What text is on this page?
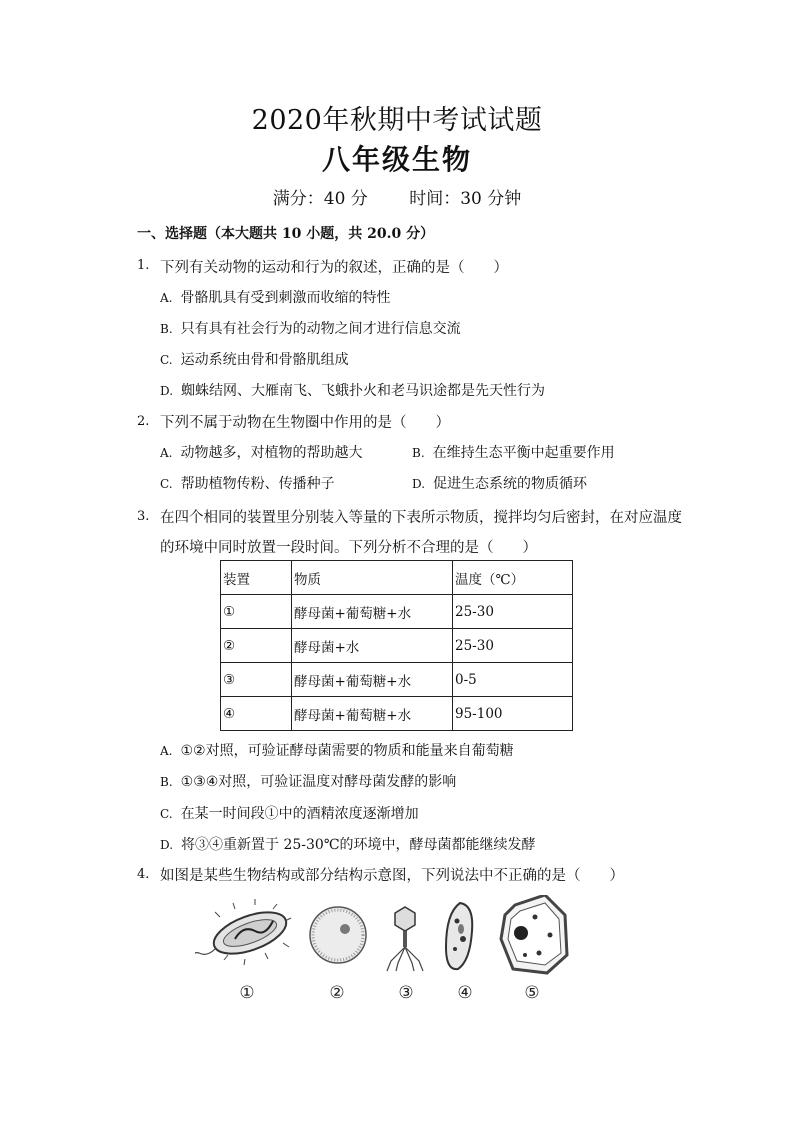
2020年秋期中考试试题
八年级生物
满分：40 分 时间：30 分钟
一、选择题（本大题共 10 小题，共 20.0 分）
1. 下列有关动物的运动和行为的叙述，正确的是（　　）
A. 骨骼肌具有受到刺激而收缩的特性
B. 只有具有社会行为的动物之间才进行信息交流
C. 运动系统由骨和骨骼肌组成
D. 蜘蛛结网、大雁南飞、飞蛾扑火和老马识途都是先天性行为
2. 下列不属于动物在生物圈中作用的是（　　）
A. 动物越多，对植物的帮助越大	B. 在维持生态平衡中起重要作用
C. 帮助植物传粉、传播种子	D. 促进生态系统的物质循环
3. 在四个相同的装置里分别装入等量的下表所示物质，搅拌均匀后密封，在对应温度
的环境中同时放置一段时间。下列分析不合理的是（　　）
装置	物质	温度（℃）
①	酵母菌+葡萄糖+水	25-30
②	酵母菌+水	25-30
③	酵母菌+葡萄糖+水	0-5
④	酵母菌+葡萄糖+水	95-100
A. ①②对照，可验证酵母菌需要的物质和能量来自葡萄糖
B. ①③④对照，可验证温度对酵母菌发酵的影响
C. 在某一时间段①中的酒精浓度逐渐增加
D. 将③④重新置于 25-30℃的环境中，酵母菌都能继续发酵
4. 如图是某些生物结构或部分结构示意图，下列说法中不正确的是（　　）
①	②	③	④	⑤
